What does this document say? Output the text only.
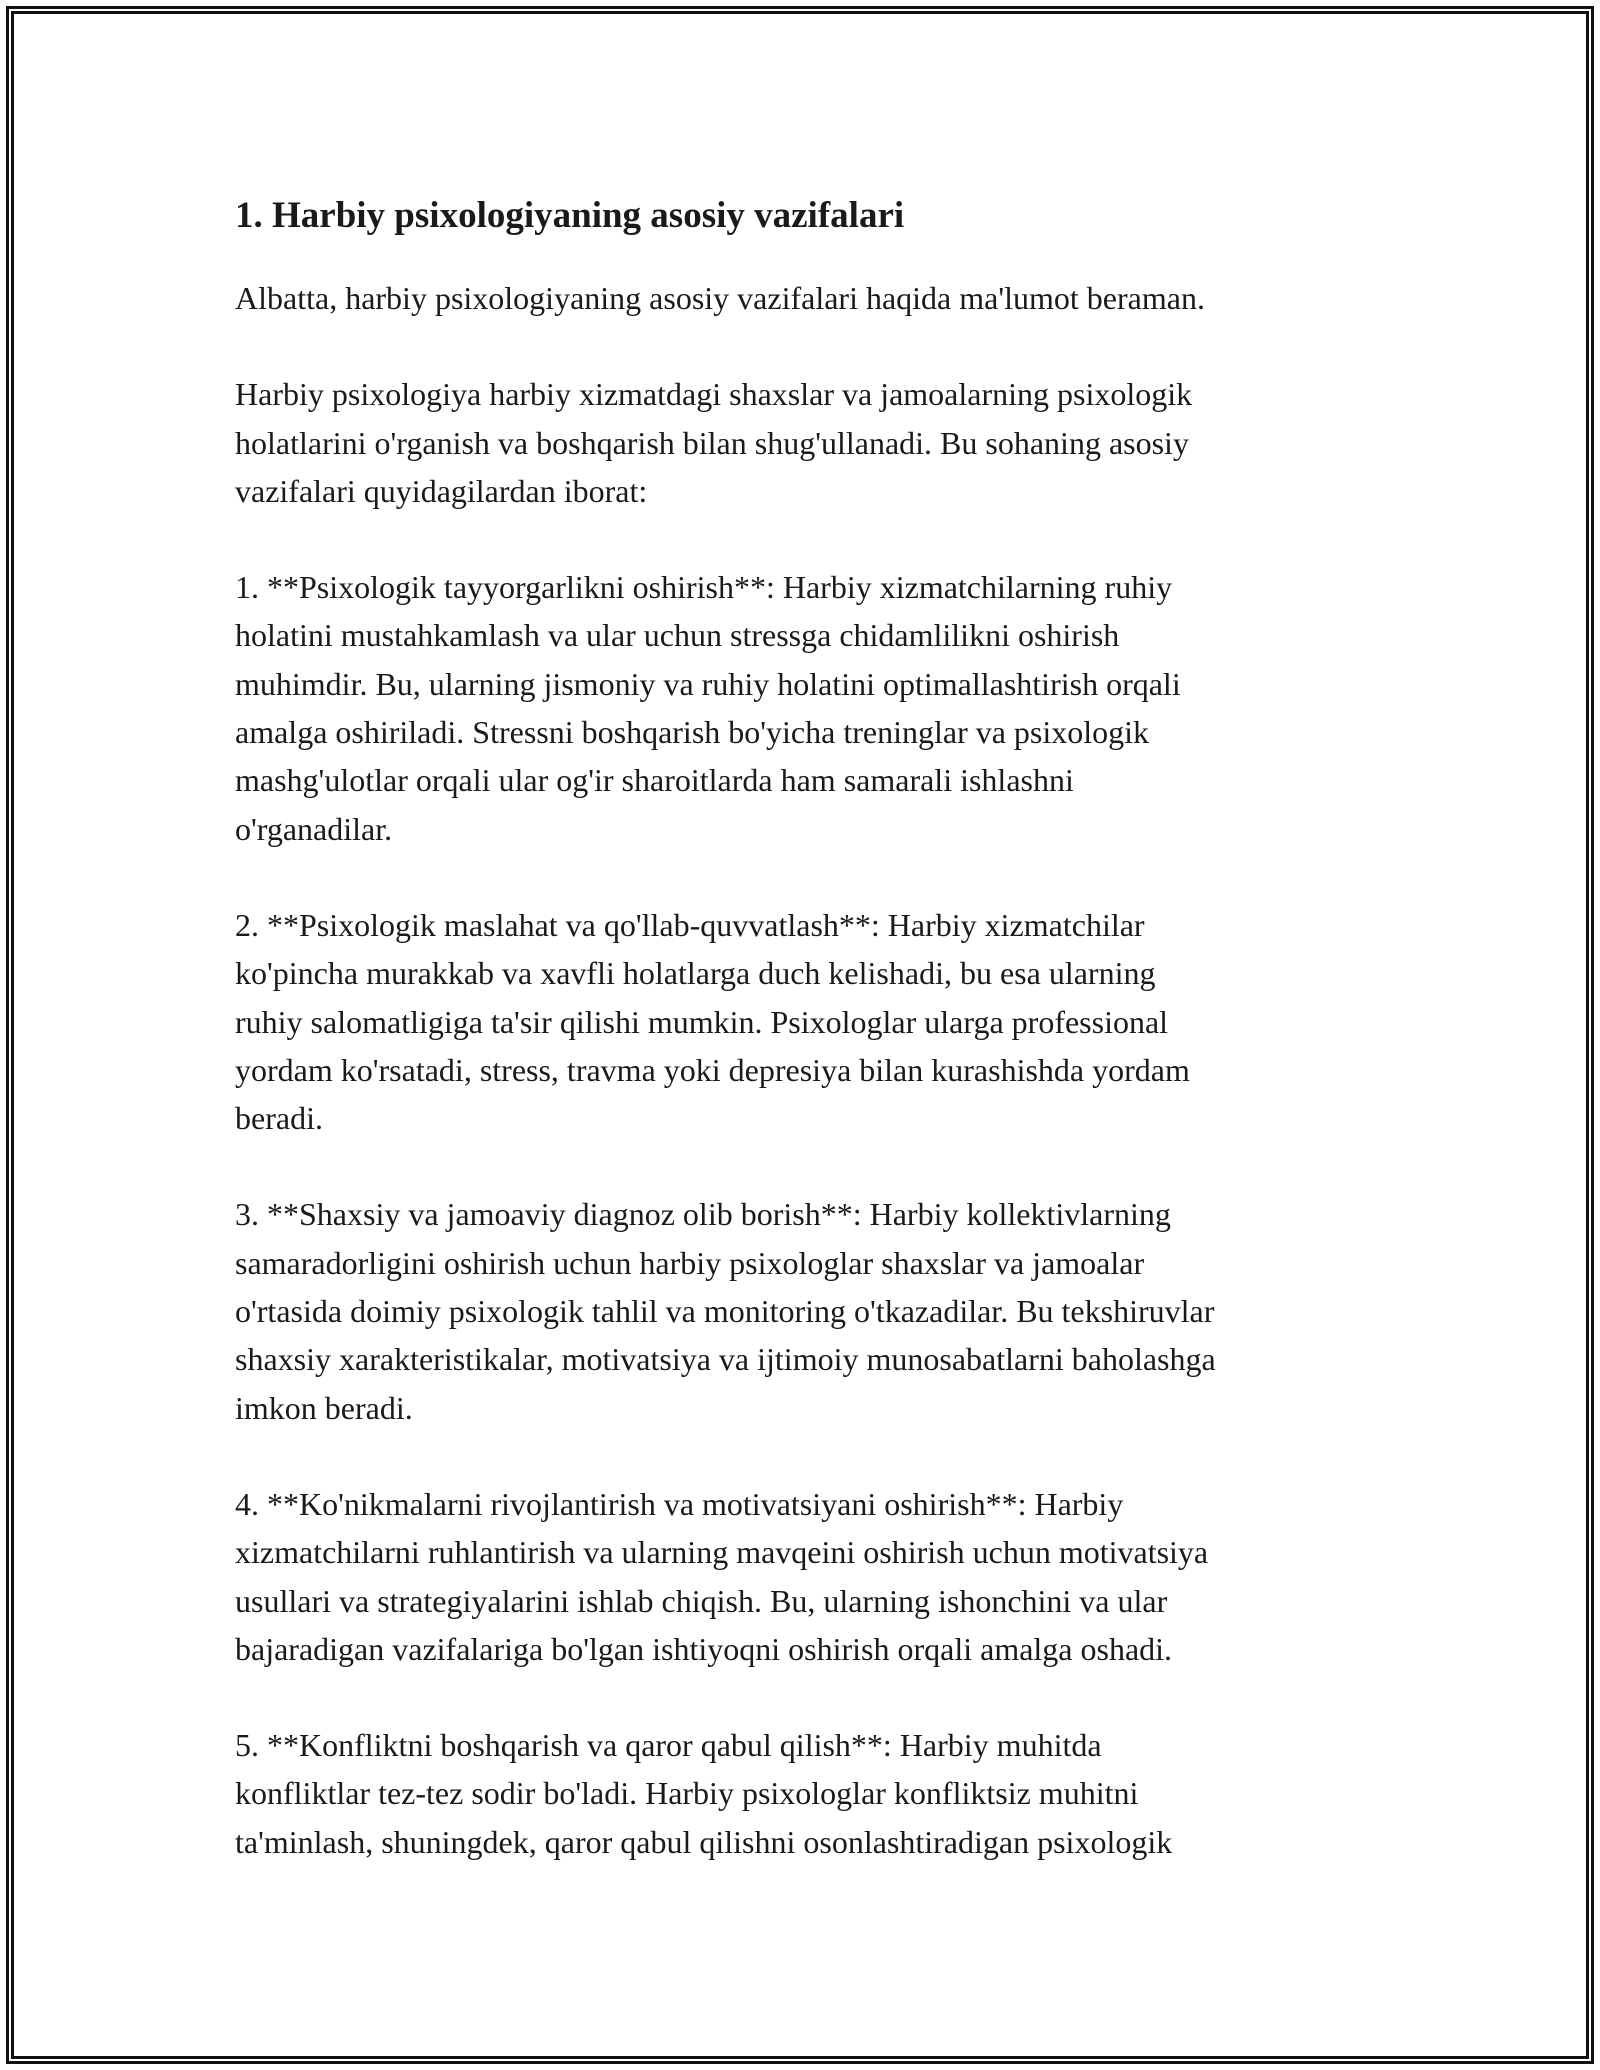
1. Harbiy psixologiyaning asosiy vazifalari

Albatta, harbiy psixologiyaning asosiy vazifalari haqida ma'lumot beraman.

Harbiy psixologiya harbiy xizmatdagi shaxslar va jamoalarning psixologik
holatlarini o'rganish va boshqarish bilan shug'ullanadi. Bu sohaning asosiy
vazifalari quyidagilardan iborat:

1. **Psixologik tayyorgarlikni oshirish**: Harbiy xizmatchilarning ruhiy
holatini mustahkamlash va ular uchun stressga chidamlilikni oshirish
muhimdir. Bu, ularning jismoniy va ruhiy holatini optimallashtirish orqali
amalga oshiriladi. Stressni boshqarish bo'yicha treninglar va psixologik
mashg'ulotlar orqali ular og'ir sharoitlarda ham samarali ishlashni
o'rganadilar.

2. **Psixologik maslahat va qo'llab-quvvatlash**: Harbiy xizmatchilar
ko'pincha murakkab va xavfli holatlarga duch kelishadi, bu esa ularning
ruhiy salomatligiga ta'sir qilishi mumkin. Psixologlar ularga professional
yordam ko'rsatadi, stress, travma yoki depresiya bilan kurashishda yordam
beradi.

3. **Shaxsiy va jamoaviy diagnoz olib borish**: Harbiy kollektivlarning
samaradorligini oshirish uchun harbiy psixologlar shaxslar va jamoalar
o'rtasida doimiy psixologik tahlil va monitoring o'tkazadilar. Bu tekshiruvlar
shaxsiy xarakteristikalar, motivatsiya va ijtimoiy munosabatlarni baholashga
imkon beradi.

4. **Ko'nikmalarni rivojlantirish va motivatsiyani oshirish**: Harbiy
xizmatchilarni ruhlantirish va ularning mavqeini oshirish uchun motivatsiya
usullari va strategiyalarini ishlab chiqish. Bu, ularning ishonchini va ular
bajaradigan vazifalariga bo'lgan ishtiyoqni oshirish orqali amalga oshadi.

5. **Konfliktni boshqarish va qaror qabul qilish**: Harbiy muhitda
konfliktlar tez-tez sodir bo'ladi. Harbiy psixologlar konfliktsiz muhitni
ta'minlash, shuningdek, qaror qabul qilishni osonlashtiradigan psixologik
